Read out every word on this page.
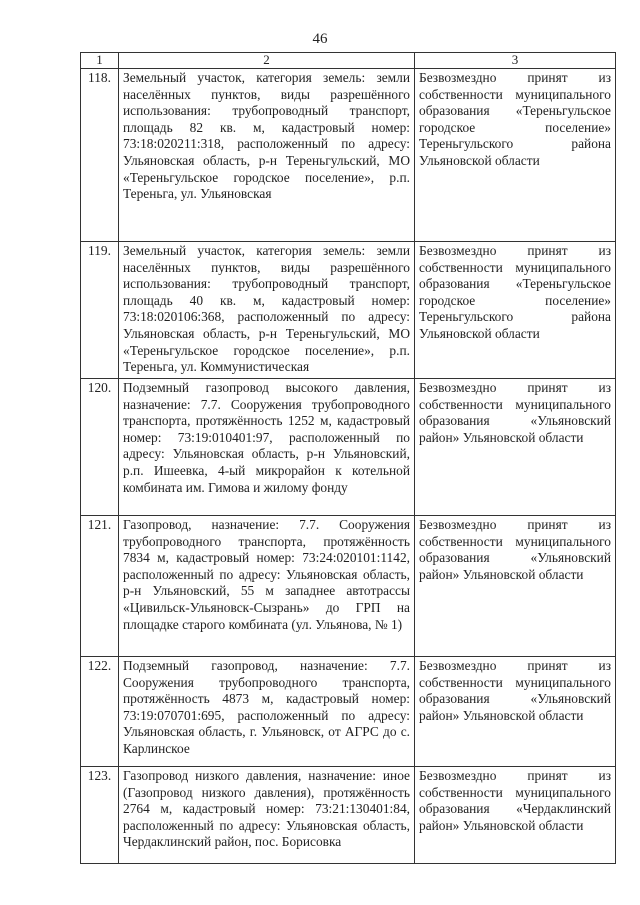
46
1	2	3
118.	Земельный участок, категория земель: земли населённых пунктов, виды разрешённого использования: трубопроводный транспорт, площадь 82 кв. м, кадастровый номер: 73:18:020211:318, расположенный по адресу: Ульяновская область, р-н Тереньгульский, МО «Тереньгульское городское поселение», р.п. Тереньга, ул. Ульяновская	Безвозмездно принят из собственности муниципального образования «Тереньгульское городское поселение» Тереньгульского района Ульяновской области
119.	Земельный участок, категория земель: земли населённых пунктов, виды разрешённого использования: трубопроводный транспорт, площадь 40 кв. м, кадастровый номер: 73:18:020106:368, расположенный по адресу: Ульяновская область, р-н Тереньгульский, МО «Тереньгульское городское поселение», р.п. Тереньга, ул. Коммунистическая	Безвозмездно принят из собственности муниципального образования «Тереньгульское городское поселение» Тереньгульского района Ульяновской области
120.	Подземный газопровод высокого давления, назначение: 7.7. Сооружения трубопроводного транспорта, протяжённость 1252 м, кадастровый номер: 73:19:010401:97, расположенный по адресу: Ульяновская область, р-н Ульяновский, р.п. Ишеевка, 4-ый микрорайон к котельной комбината им. Гимова и жилому фонду	Безвозмездно принят из собственности муниципального образования «Ульяновский район» Ульяновской области
121.	Газопровод, назначение: 7.7. Сооружения трубопроводного транспорта, протяжённость 7834 м, кадастровый номер: 73:24:020101:1142, расположенный по адресу: Ульяновская область, р-н Ульяновский, 55 м западнее автотрассы «Цивильск-Ульяновск-Сызрань» до ГРП на площадке старого комбината (ул. Ульянова, № 1)	Безвозмездно принят из собственности муниципального образования «Ульяновский район» Ульяновской области
122.	Подземный газопровод, назначение: 7.7. Сооружения трубопроводного транспорта, протяжённость 4873 м, кадастровый номер: 73:19:070701:695, расположенный по адресу: Ульяновская область, г. Ульяновск, от АГРС до с. Карлинское	Безвозмездно принят из собственности муниципального образования «Ульяновский район» Ульяновской области
123.	Газопровод низкого давления, назначение: иное (Газопровод низкого давления), протяжённость 2764 м, кадастровый номер: 73:21:130401:84, расположенный по адресу: Ульяновская область, Чердаклинский район, пос. Борисовка	Безвозмездно принят из собственности муниципального образования «Чердаклинский район» Ульяновской области
